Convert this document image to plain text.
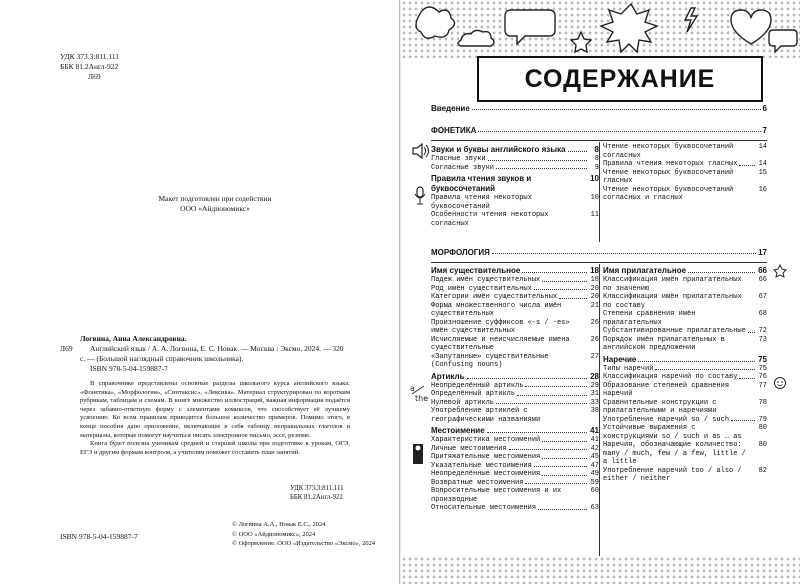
УДК 373.3:811.111
ББК 81.2Англ-922
Л69
Макет подготовлен при содействии
ООО «Айдиономикс»
Л69
Логвина, Анна Александровна.
Английский язык / А. А. Логвина, Е. С. Новак. — Москва : Эксмо, 2024. — 320 с. — (Большой наглядный справочник школьника).
ISBN 978-5-04-159887-7
В справочнике представлены основные разделы школьного курса английского языка: «Фонетика», «Морфология», «Синтаксис», «Лексика». Материал структурирован по коротким рубрикам, таблицам и схемам. В книге множество иллюстраций, важная информация подаётся через забавно-ответную форму с элементами комиксов, что способствует её лучшему усвоению. Ко всем правилам приводится большое количество примеров. Помимо этого, в конце пособия дано приложение, включающее в себя таблицу неправильных глаголов и материалы, которые помогут научиться писать электронное письмо, эссе, резюме.
Книга будет полезна ученикам средней и старшей школы при подготовке к урокам, ОГЭ, ЕГЭ и другим формам контроля, а учителям поможет составить план занятий.
УДК 373.3:811.111
ББК 81.2Англ-922
ISBN 978-5-04-159887-7
© Логвина А.А., Новак Е.С., 2024
© ООО «Айдиономикс», 2024
© Оформление. ООО «Издательство «Эксмо», 2024
СОДЕРЖАНИЕ
Введение	6
ФОНЕТИКА	7
Звуки и буквы английского языка	8
Гласные звуки	8
Согласные звуки	9
Правила чтения звуков и буквосочетаний
10
Правила чтения некоторых буквосочетаний
10
Особенности чтения некоторых согласных
11
Чтение некоторых буквосочетаний согласных
14
Правила чтения некоторых гласных	14
Чтение некоторых буквосочетаний гласных
15
Чтение некоторых буквосочетаний согласных и гласных
16
МОРФОЛОГИЯ	17
Имя существительное	18
Падеж имён существительных	18
Род имён существительных	20
Категории имён существительных	20
Форма множественного числа имён существительных
21
Произношение суффиксов «-s / -es» имён существительных
26
Исчисляемые и неисчисляемые имена существительные
26
«Запутанные» существительные (Confusing nouns)
27
Артикль	28
Неопределённый артикль	29
Определённый артикль	31
Нулевой артикль	33
Употребление артиклей с географическими названиями
38
Местоимение	41
Характеристика местоимений	41
Личные местоимения	42
Притяжательные местоимения	45
Указательные местоимения	47
Неопределённые местоимения	49
Возвратные местоимения	59
Вопросительные местоимения и их производные
60
Относительные местоимения	63
Имя прилагательное	66
Классификация имён прилагательных по значению
66
Классификация имён прилагательных по составу
67
Степени сравнения имён прилагательных
68
Субстантивированные прилагательные 72
Порядок имён прилагательных в английском предложении
73
Наречие	75
Типы наречий	75
Классификация наречий по составу	76
Образование степеней сравнения наречий
77
Сравнительные конструкции с прилагательными и наречиями
78
Употребление наречий so / such	79
Устойчивые выражения с конструкциями so / such и as … as
80
Наречия, обозначающие количество: many / much, few / a few, little / a little
80
Употребление наречий too / also / either / neither
82
a
the
